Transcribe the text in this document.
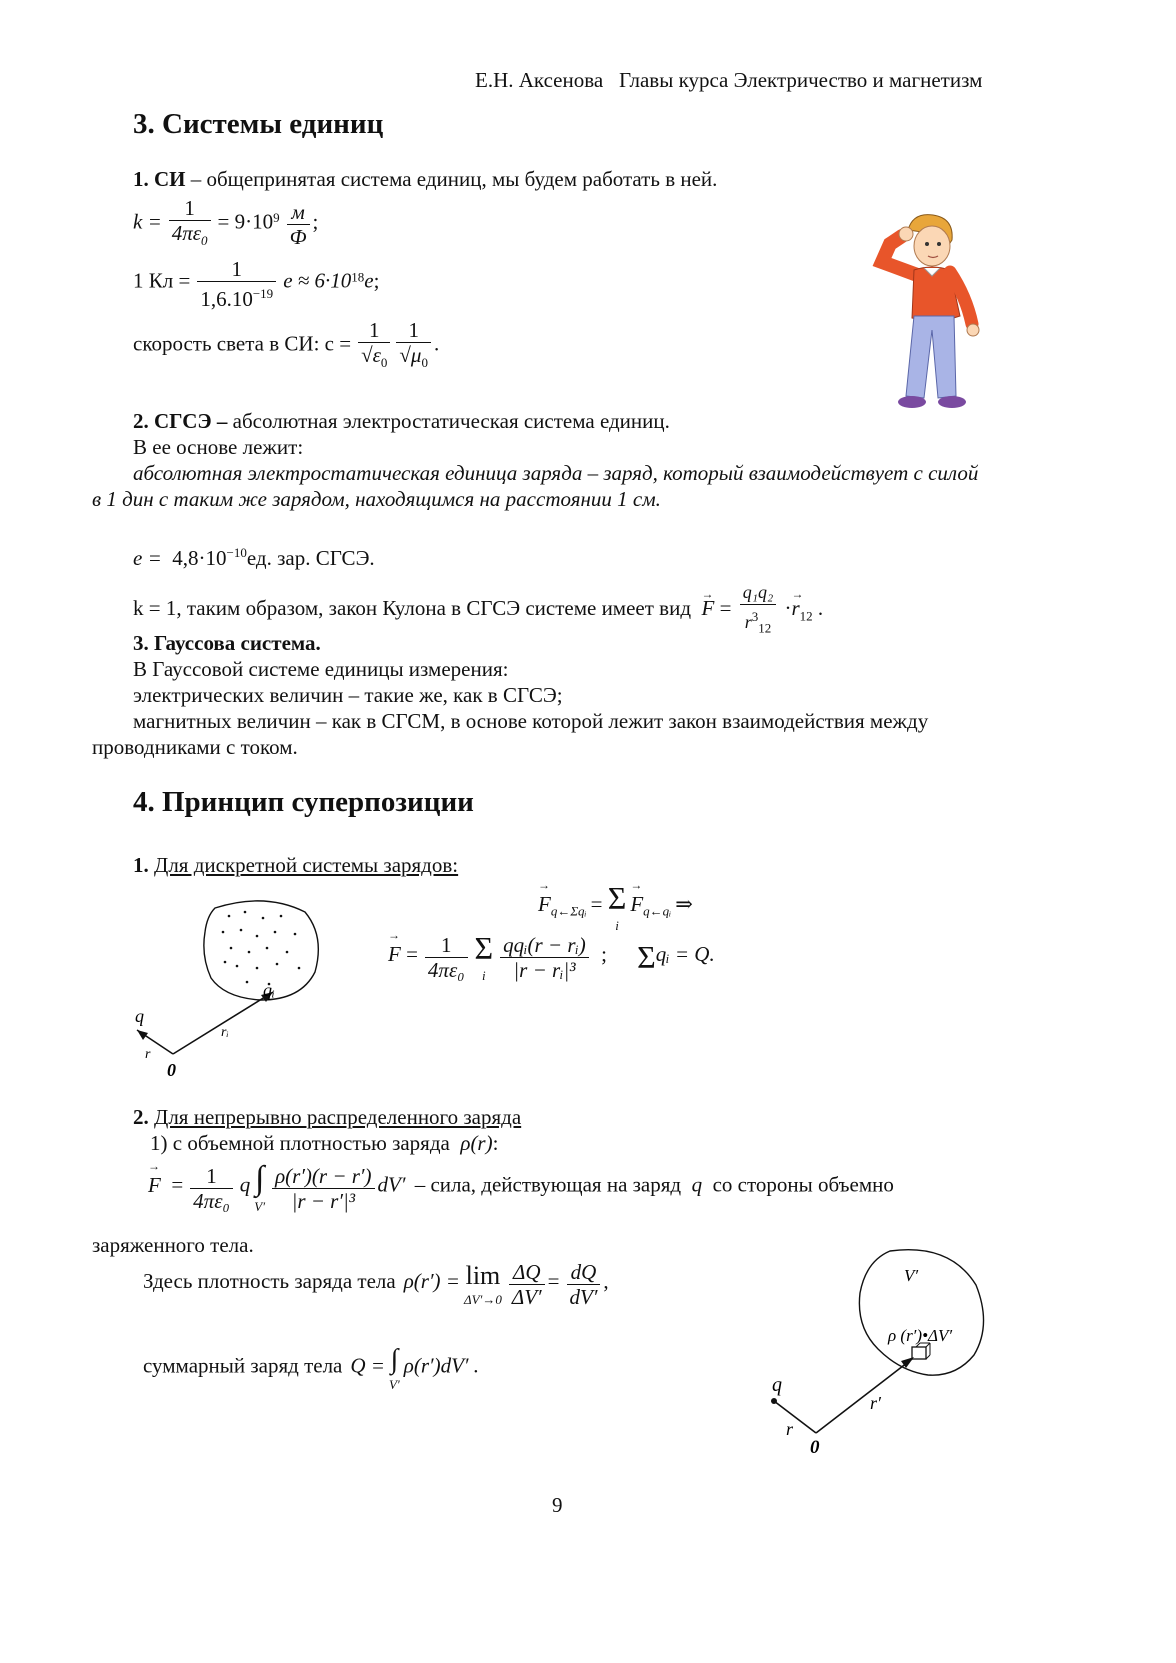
Е.Н. Аксенова Главы курса Электричество и магнетизм
3. Системы единиц
1. СИ – общепринятая система единиц, мы будем работать в ней.
$k = \frac{1}{4\pi\varepsilon_0} = 9\cdot 10^9 \frac{м}{Ф}$ ;
1 Кл = $\frac{1}{1,6.10^{-19}}$ $e \approx 6\cdot 10^{18}e$;
скорость света в СИ: $с = \frac{1}{√\varepsilon_0} \frac{1}{√\mu_0}$ .
2. СГСЭ – абсолютная электростатическая система единиц.
В ее основе лежит:
абсолютная электростатическая единица заряда – заряд, который взаимодействует с силой
в 1 дин с таким же зарядом, находящимся на расстоянии 1 см.
$e = 4,8\cdot 10^{-10}ед$. зар. СГСЭ.
k = 1, таким образом, закон Кулона в СГСЭ системе имеет вид  → $F = \frac{\text{q₁q₂}}{r^3_{12}} \cdot\to r_{12}$ .
3. Гауссова система.
В Гауссовой системе единицы измерения:
электрических величин – такие же, как в СГСЭ;
магнитных величин – как в СГСМ, в основе которой лежит закон взаимодействия между
проводниками с током.
4. Принцип суперпозиции
1. Для дискретной системы зарядов:
→ $F_{q\leftarrow\Sigma qᵢ} = \Sigma$
$i \to F_{q\leftarrow qᵢ}$ ⇒
→ $F = \frac{1}{\text{4πε₀}}$ Σ
i $\frac{\text{qqᵢ(r − rᵢ)}}{\text{|r − rᵢ|³}}$ ;      Σqᵢ = Q.
qᵢ
q
rᵢ
r
0
2. Для непрерывно распределенного заряда
1) с объемной плотностью заряда ρ(r):
→ $F = \frac{1}{\text{4πε₀}}$ q ∫
$V' \frac{\rho(r')(r - r')}{\text{|r − r′|³}} dV'$ – сила, действующая на заряд q со стороны объемно
заряженного тела.
Здесь плотность заряда тела ρ(r′) = lim
$\Delta V'\to 0 \frac{\Delta Q}{\Delta V'} = \frac{dQ}{dV'}$ ,
суммарный заряд тела Q = ∫
V′ ρ(r′)dV′ .
V′
ρ (r′)•ΔV′
q
r′
r
0
9
